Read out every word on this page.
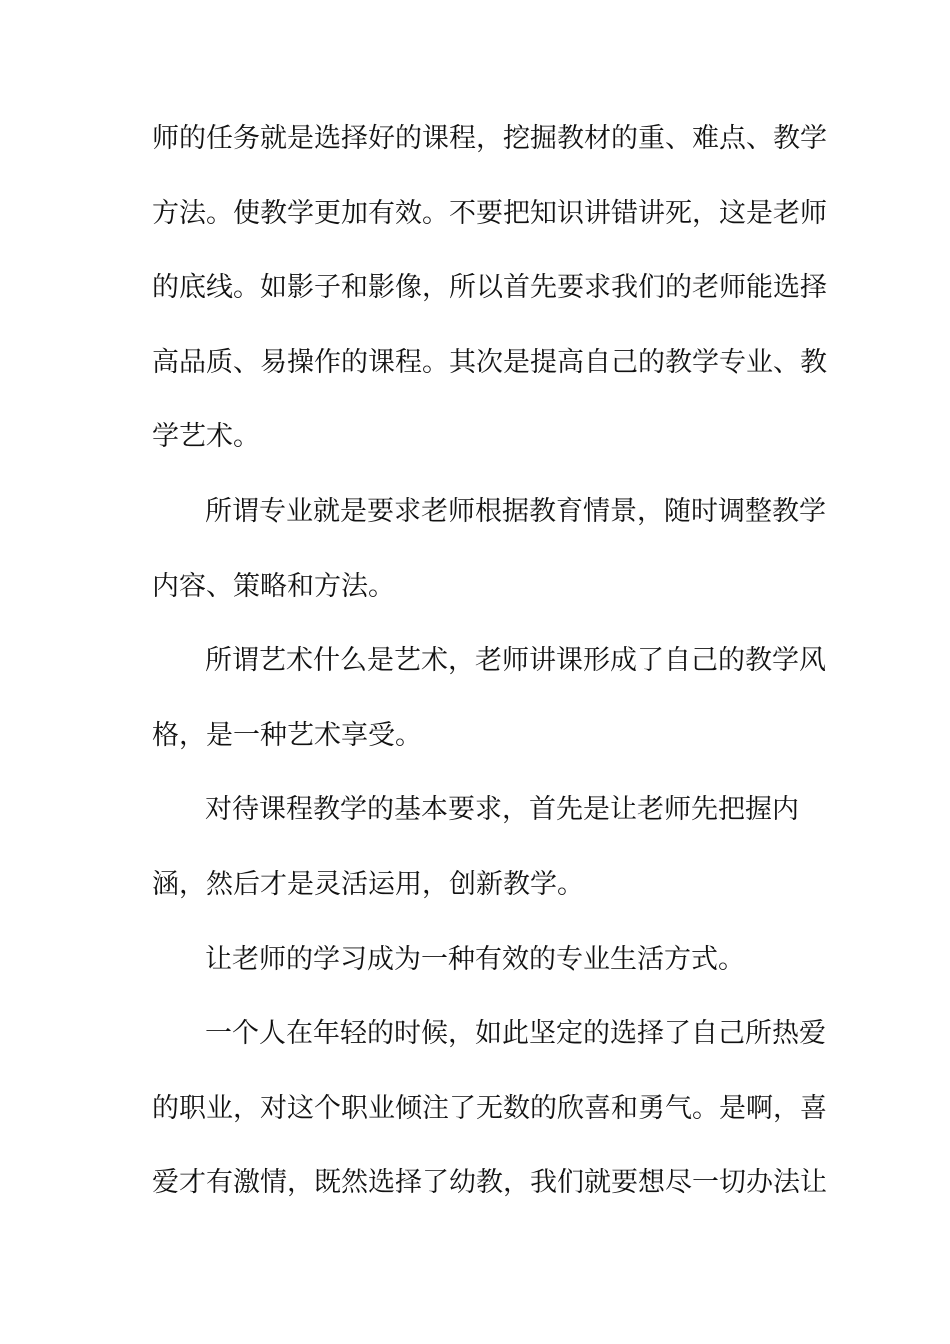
师的任务就是选择好的课程，挖掘教材的重、难点、教学
方法。使教学更加有效。不要把知识讲错讲死，这是老师
的底线。如影子和影像，所以首先要求我们的老师能选择
高品质、易操作的课程。其次是提高自己的教学专业、教
学艺术。
所谓专业就是要求老师根据教育情景，随时调整教学
内容、策略和方法。
所谓艺术什么是艺术，老师讲课形成了自己的教学风
格，是一种艺术享受。
对待课程教学的基本要求，首先是让老师先把握内
涵，然后才是灵活运用，创新教学。
让老师的学习成为一种有效的专业生活方式。
一个人在年轻的时候，如此坚定的选择了自己所热爱
的职业，对这个职业倾注了无数的欣喜和勇气。是啊，喜
爱才有激情，既然选择了幼教，我们就要想尽一切办法让
